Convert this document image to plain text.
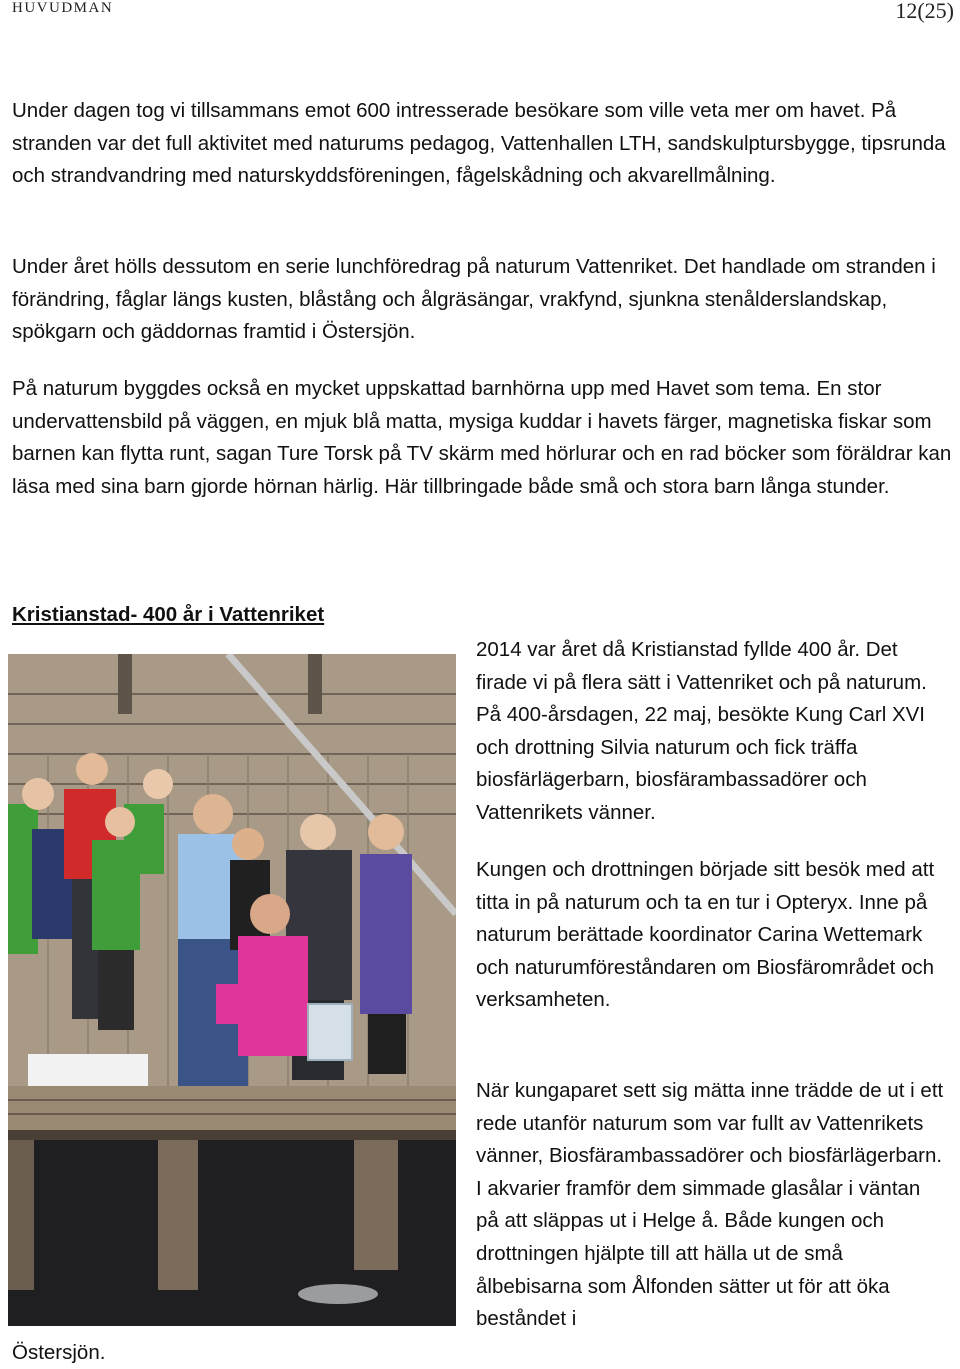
HUVUDMAN	12(25)

Under dagen tog vi tillsammans emot 600 intresserade besökare som ville veta mer om havet. På stranden var det full aktivitet med naturums pedagog, Vattenhallen LTH, sandskulptursbygge, tipsrunda och strandvandring med naturskyddsföreningen, fågelskådning och akvarellmålning.

Under året hölls dessutom en serie lunchföredrag på naturum Vattenriket. Det handlade om stranden i förändring, fåglar längs kusten, blåstång och ålgräsängar, vrakfynd, sjunkna stenålderslandskap, spökgarn och gäddornas framtid i Östersjön.

På naturum byggdes också en mycket uppskattad barnhörna upp med Havet som tema. En stor undervattensbild på väggen, en mjuk blå matta, mysiga kuddar i havets färger, magnetiska fiskar som barnen kan flytta runt, sagan Ture Torsk på TV skärm med hörlurar och en rad böcker som föräldrar kan läsa med sina barn gjorde hörnan härlig. Här tillbringade både små och stora barn långa stunder.

Kristianstad- 400 år i Vattenriket

2014 var året då Kristianstad fyllde 400 år. Det firade vi på flera sätt i Vattenriket och på naturum. På 400-årsdagen, 22 maj, besökte Kung Carl XVI och drottning Silvia naturum och fick träffa biosfärlägerbarn, biosfärambassadörer och Vattenrikets vänner.

Kungen och drottningen började sitt besök med att titta in på naturum och ta en tur i Opteryx. Inne på naturum berättade koordinator Carina Wettemark och naturumföreståndaren om Biosfärområdet och verksamheten.

När kungaparet sett sig mätta inne trädde de ut i ett rede utanför naturum som var fullt av Vattenrikets vänner, Biosfärambassadörer och biosfärlägerbarn. I akvarier framför dem simmade glasålar i väntan på att släppas ut i Helge å. Både kungen och drottningen hjälpte till att hälla ut de små ålbebisarna som Ålfonden sätter ut för att öka beståndet i

Östersjön.
